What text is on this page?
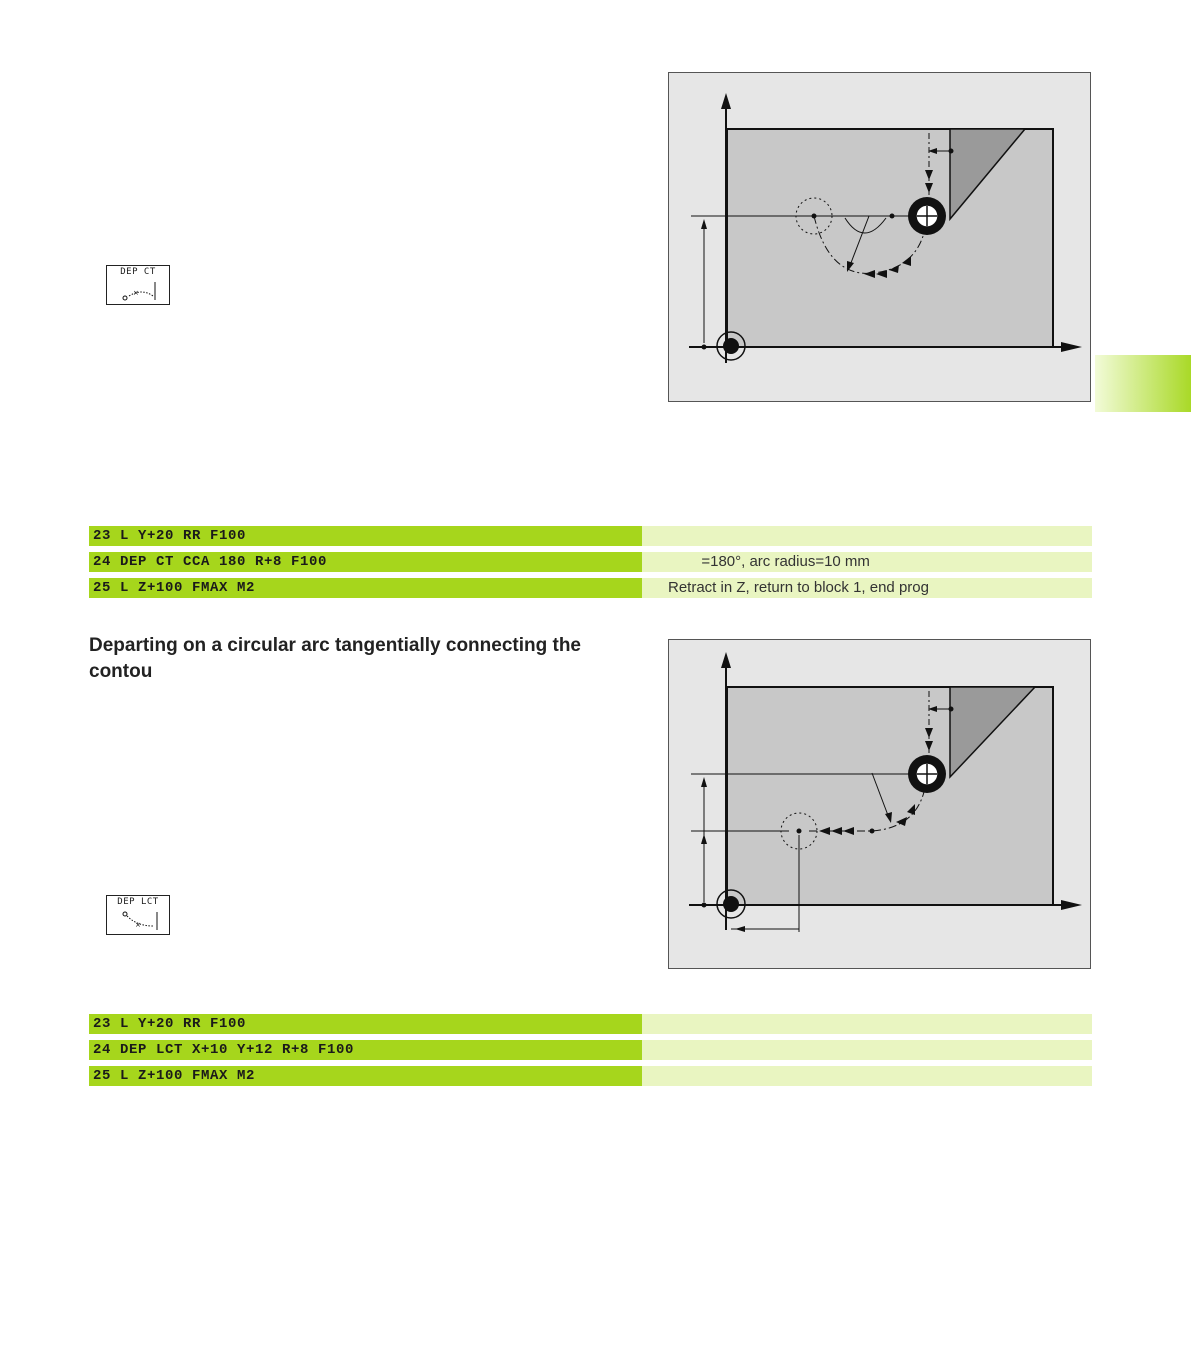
DEP CT
×
23 L Y+20 RR F100
24 DEP CT CCA 180 R+8 F100	=180°, arc radius=10 mm
25 L Z+100 FMAX M2	Retract in Z, return to block 1, end prog
Departing on a circular arc tangentially connecting the contou
DEP LCT
×
23 L Y+20 RR F100
24 DEP LCT X+10 Y+12 R+8 F100
25 L Z+100 FMAX M2
